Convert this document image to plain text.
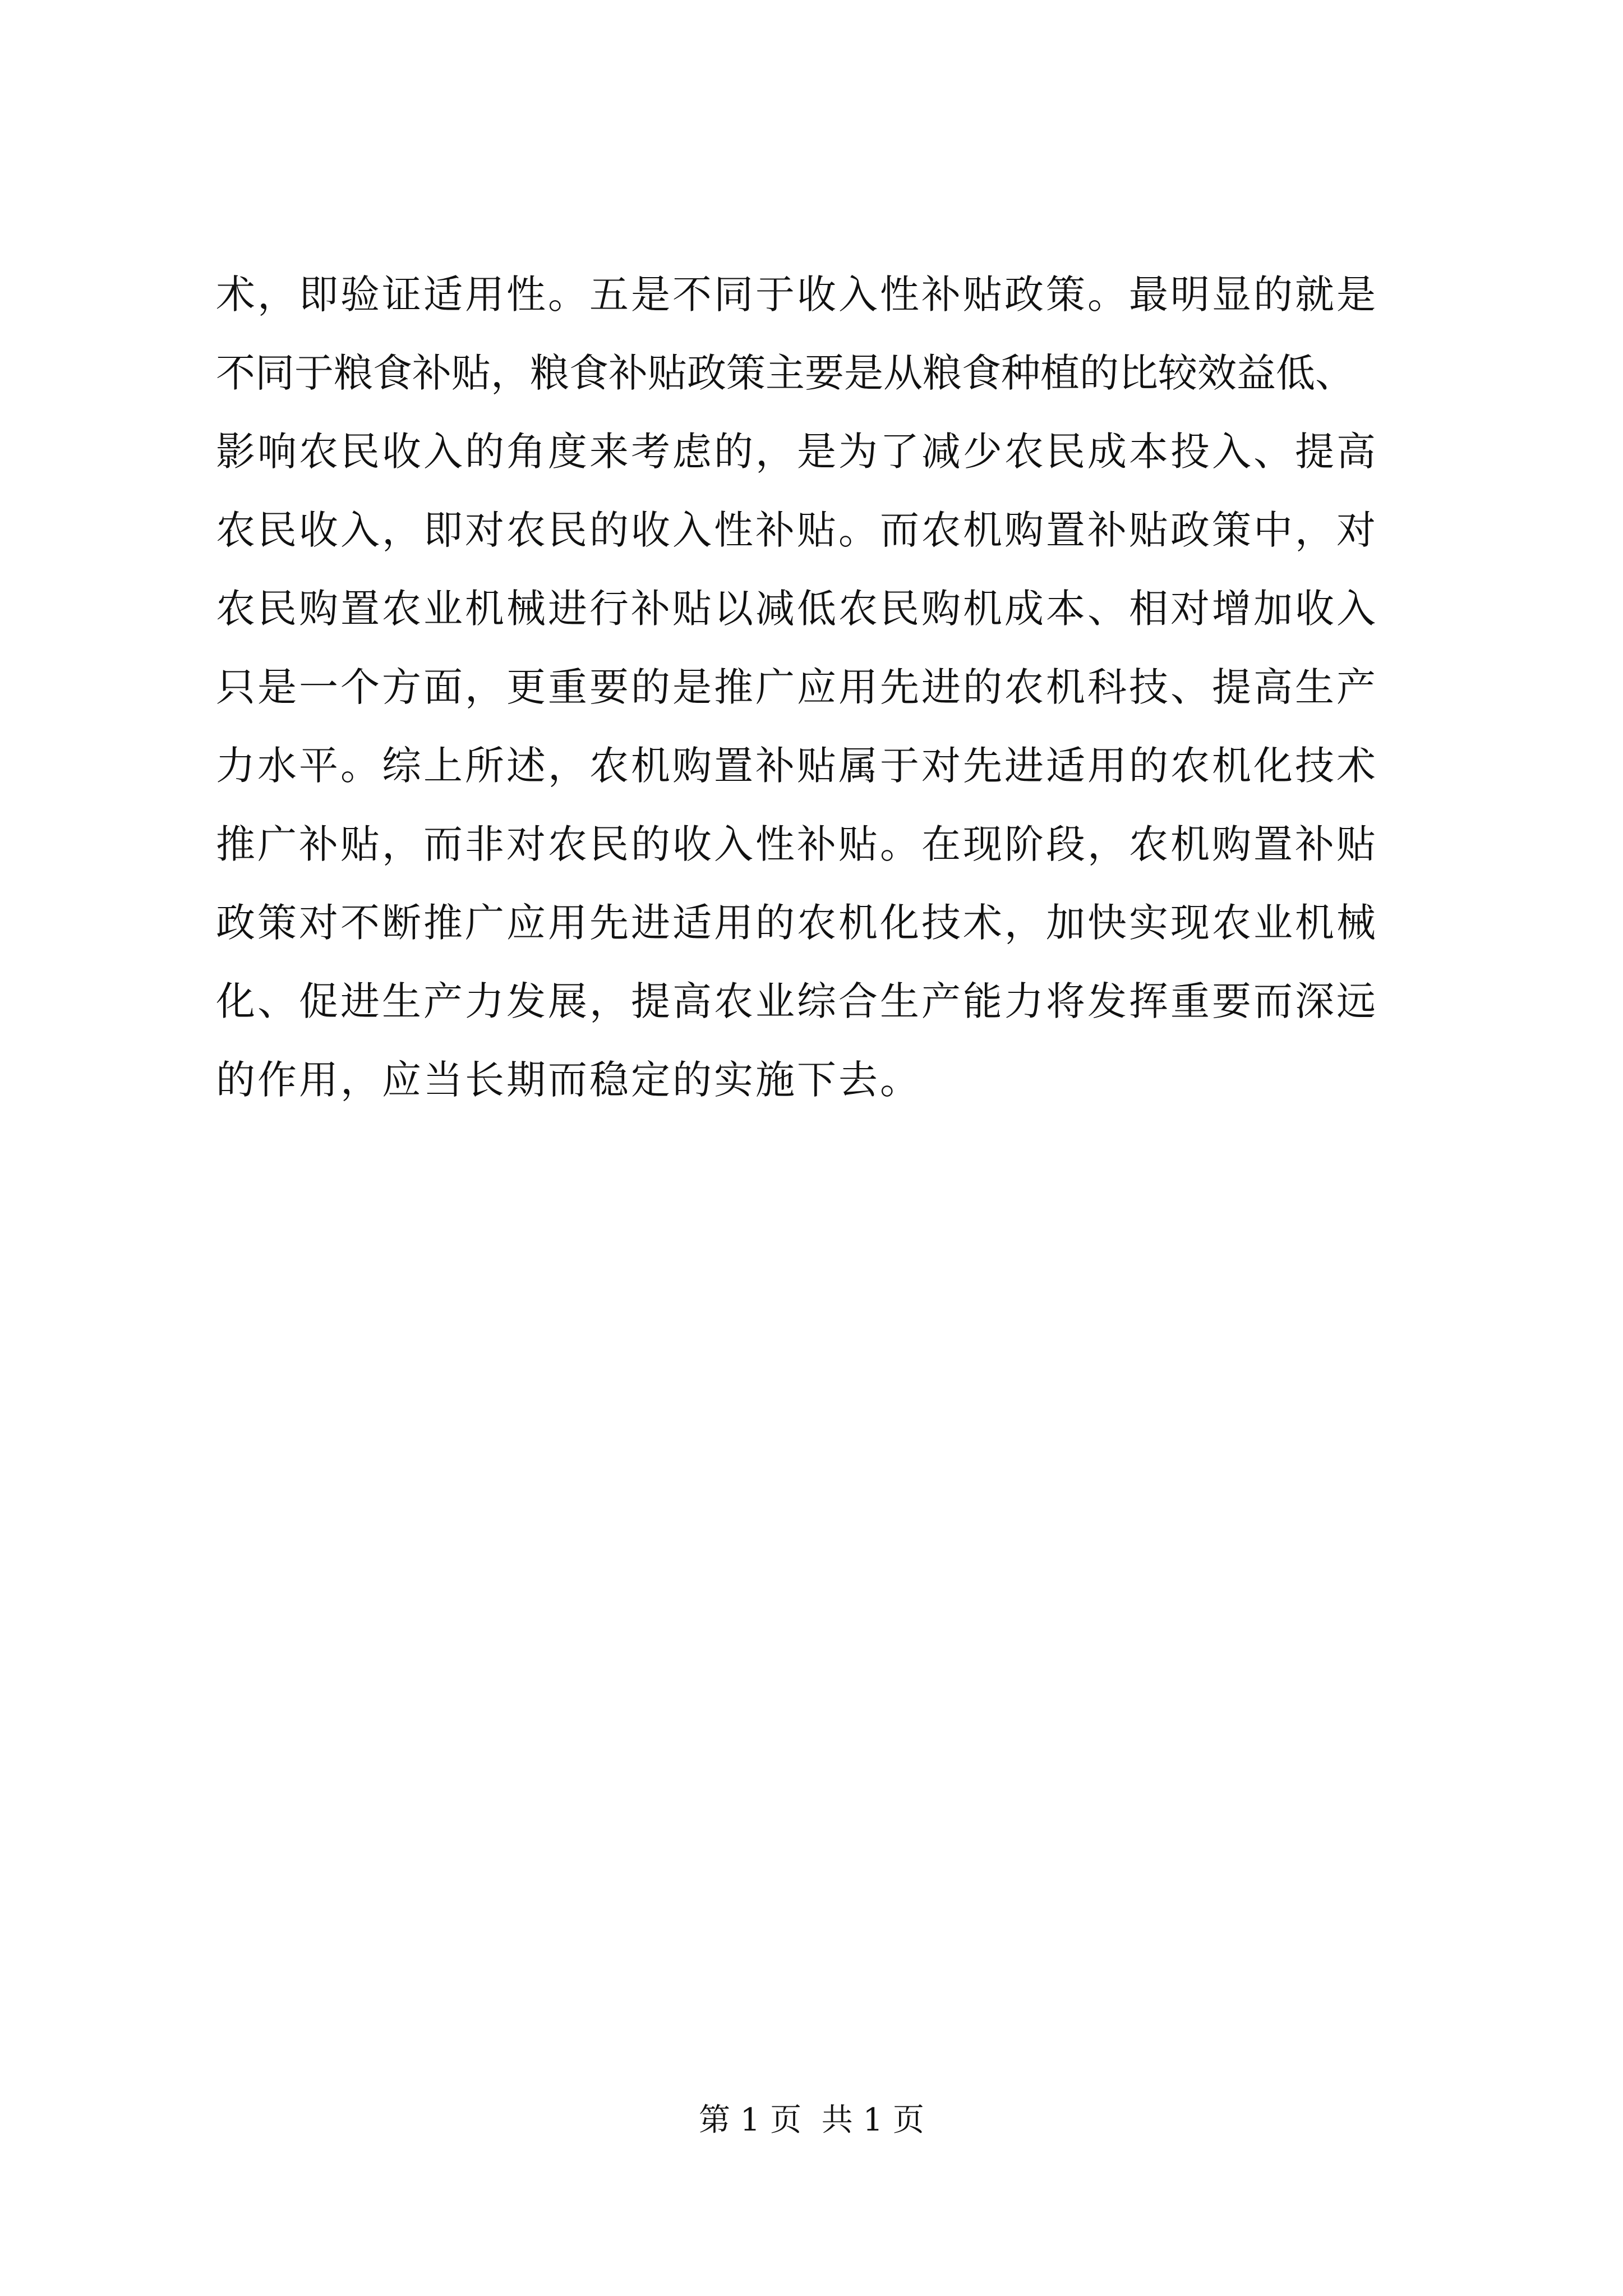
术，即验证适用性。五是不同于收入性补贴政策。最明显的就是
不同于粮食补贴，粮食补贴政策主要是从粮食种植的比较效益低、
影响农民收入的角度来考虑的，是为了减少农民成本投入、提高
农民收入，即对农民的收入性补贴。而农机购置补贴政策中，对
农民购置农业机械进行补贴以减低农民购机成本、相对增加收入
只是一个方面，更重要的是推广应用先进的农机科技、提高生产
力水平。综上所述，农机购置补贴属于对先进适用的农机化技术
推广补贴，而非对农民的收入性补贴。在现阶段，农机购置补贴
政策对不断推广应用先进适用的农机化技术，加快实现农业机械
化、促进生产力发展，提高农业综合生产能力将发挥重要而深远
的作用，应当长期而稳定的实施下去。
第 1 页  共 1 页
